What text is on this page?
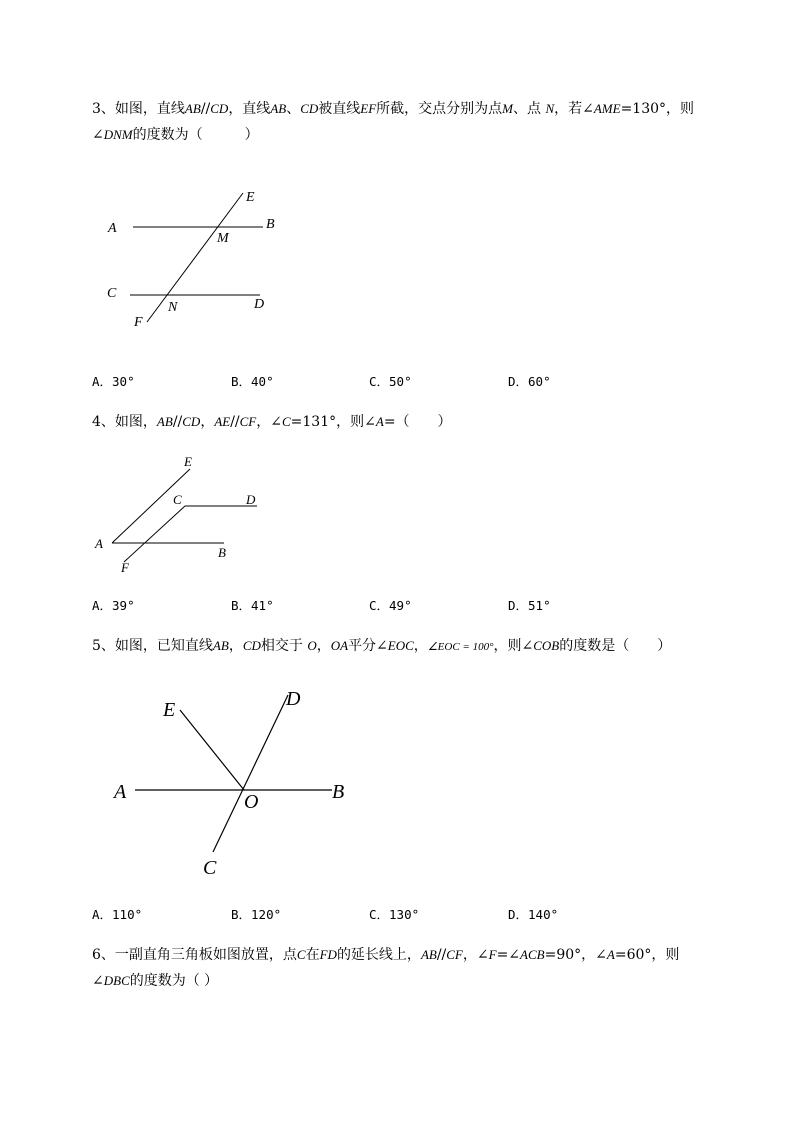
3、如图，直线AB//CD，直线AB、CD被直线EF所截，交点分别为点M、点 N，若∠AME=130°，则
∠DNM的度数为（　　　）
A	B
C
D
E
F
M
N
A．30°	B．40°	C．50°	D．60°
4、如图，AB//CD，AE//CF，∠C=131°，则∠A=（　　）
A
B
C	D
E
F
A．39°	B．41°	C．49°	D．51°
5、如图，已知直线AB，CD相交于 O，OA平分∠EOC，∠EOC = 100°，则∠COB的度数是（　　）
A	B
C
D
E
O
A．110°	B．120°	C．130°	D．140°
6、一副直角三角板如图放置，点C在FD的延长线上，AB//CF，∠F=∠ACB=90°，∠A=60°，则
∠DBC的度数为（ ）
